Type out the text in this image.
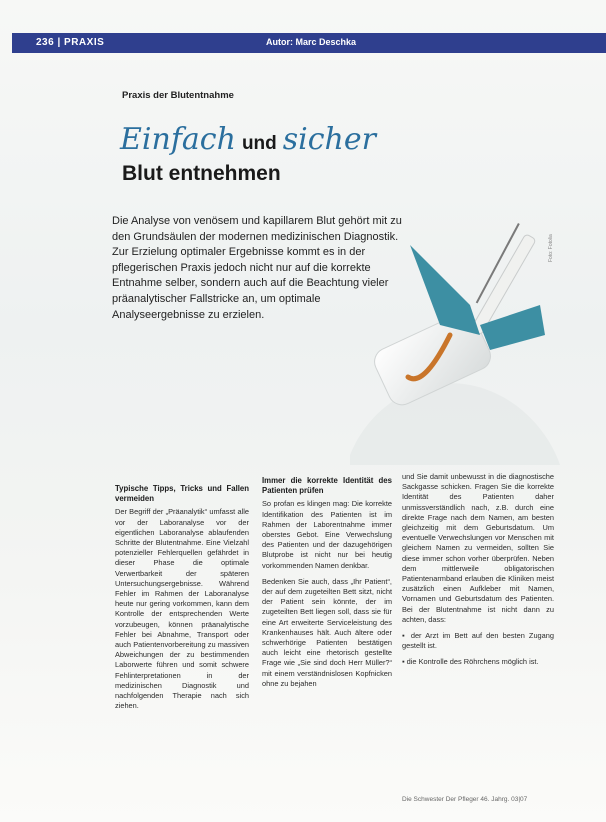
236 | PRAXIS	Autor: Marc Deschka
Praxis der Blutentnahme
Einfach und sicher
Blut entnehmen
Die Analyse von venösem und kapillarem Blut gehört mit zu den Grundsäulen der modernen medizinischen Diagnostik. Zur Erzielung optimaler Ergebnisse kommt es in der pflegerischen Praxis jedoch nicht nur auf die korrekte Entnahme selber, sondern auch auf die Beachtung vieler präanalytischer Fallstricke an, um optimale Analyseergebnisse zu erzielen.
Foto: Fotolia
Typische Tipps, Tricks und Fallen vermeiden

Der Begriff der „Präanalytik“ umfasst alle vor der Laboranalyse vor der eigentlichen Laboranalyse ablaufenden Schritte der Blutentnahme. Eine Vielzahl potenzieller Fehlerquellen gefährdet in dieser Phase die optimale Verwertbarkeit der späteren Untersuchungsergebnisse. Während Fehler im Rahmen der Laboranalyse heute nur gering vorkommen, kann dem Kontrolle der entsprechenden Werte vorzubeugen, können präanalytische Fehler bei Abnahme, Transport oder auch Patientenvorbereitung zu massiven Abweichungen der zu bestimmenden Laborwerte führen und somit schwere Fehlinterpretationen in der medizinischen Diagnostik und nachfolgenden Therapie nach sich ziehen.

Immer die korrekte Identität des Patienten prüfen

So profan es klingen mag: Die korrekte Identifikation des Patienten ist im Rahmen der Laborentnahme immer oberstes Gebot. Eine Verwechslung des Patienten und der dazugehörigen Blutprobe ist nicht nur bei heutig vorkommenden Namen denkbar.

Bedenken Sie auch, dass „Ihr Patient“, der auf dem zugeteilten Bett sitzt, nicht der Patient sein könnte, der im zugeteilten Bett liegen soll, dass sie für eine Art erweiterte Serviceleistung des Krankenhauses hält. Auch ältere oder schwerhörige Patienten bestätigen auch leicht eine rhetorisch gestellte Frage wie „Sie sind doch Herr Müller?“ mit einem verständnislosen Kopfnicken ohne zu bejahen

und Sie damit unbewusst in die diagnostische Sackgasse schicken. Fragen Sie die korrekte Identität des Patienten daher unmissverständlich nach, z.B. durch eine direkte Frage nach dem Namen, am besten gleichzeitig mit dem Geburtsdatum. Um eventuelle Verwechslungen vor Menschen mit gleichem Namen zu vermeiden, sollten Sie diese immer schon vorher überprüfen. Neben dem mittlerweile obligatorischen Patientenarmband erlauben die Kliniken meist zusätzlich einen Aufkleber mit Namen, Vornamen und Geburtsdatum des Patienten. Bei der Blutentnahme ist nicht dann zu achten, dass:

▪ der Arzt im Bett auf den besten Zugang gestellt ist.

▪ die Kontrolle des Röhrchens möglich ist.

Die Schwester Der Pfleger 46. Jahrg. 03|07
